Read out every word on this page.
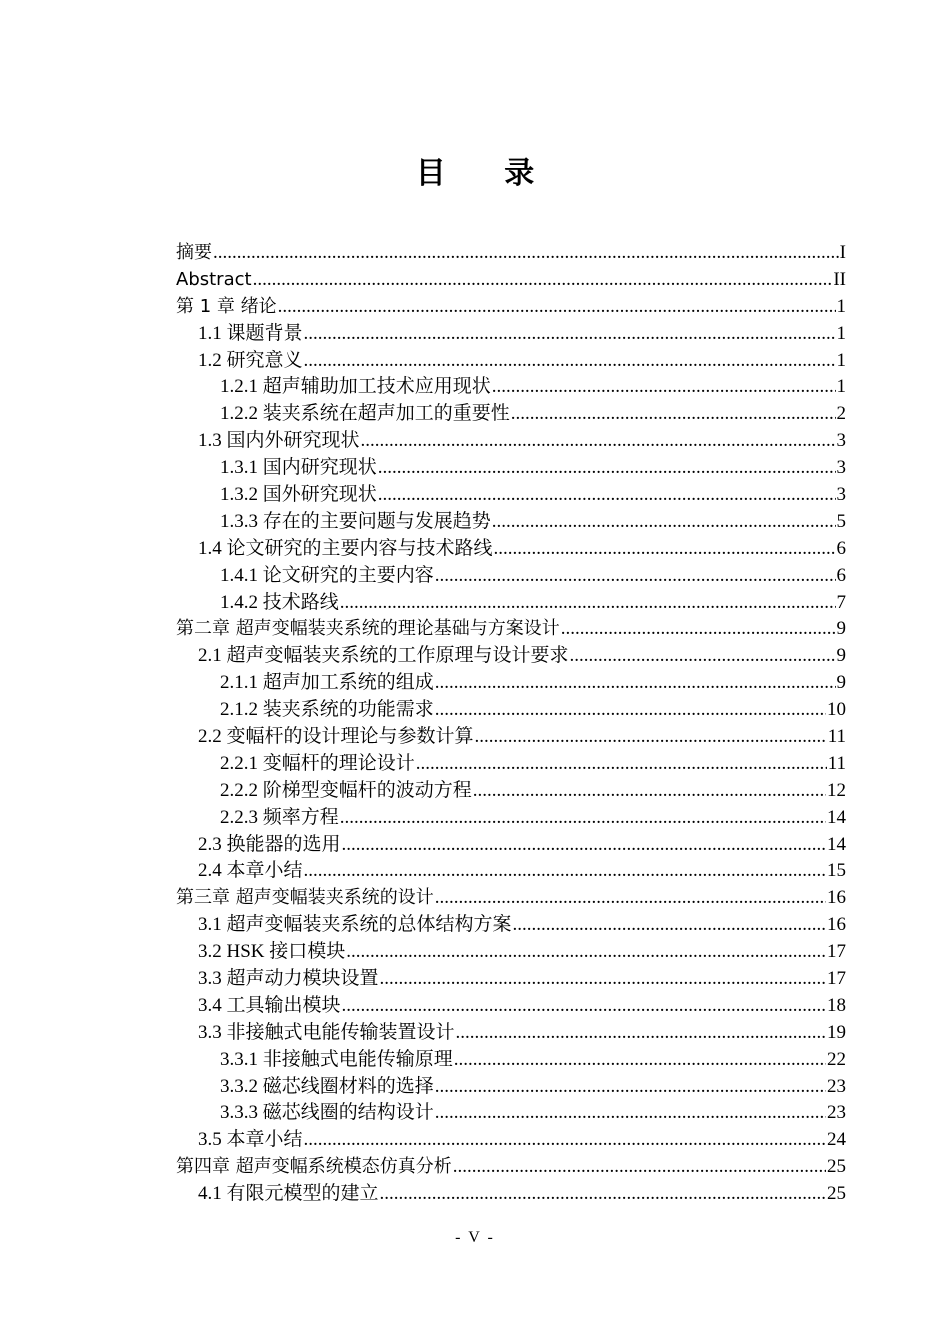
目 录
摘要 .....	I
Abstract .....	II
第 1 章 绪论 .....	1
1.1 课题背景 .....	1
1.2 研究意义 .....	1
1.2.1 超声辅助加工技术应用现状 .....	1
1.2.2 装夹系统在超声加工的重要性 .....	2
1.3 国内外研究现状 .....	3
1.3.1 国内研究现状 .....	3
1.3.2 国外研究现状 .....	3
1.3.3 存在的主要问题与发展趋势 .....	5
1.4 论文研究的主要内容与技术路线 .....	6
1.4.1 论文研究的主要内容 .....	6
1.4.2 技术路线 .....	7
第二章 超声变幅装夹系统的理论基础与方案设计 .....	9
2.1 超声变幅装夹系统的工作原理与设计要求 .....	9
2.1.1 超声加工系统的组成 .....	9
2.1.2 装夹系统的功能需求 .....	10
2.2 变幅杆的设计理论与参数计算 .....	11
2.2.1 变幅杆的理论设计 .....	11
2.2.2 阶梯型变幅杆的波动方程 .....	12
2.2.3 频率方程 .....	14
2.3 换能器的选用 .....	14
2.4 本章小结 .....	15
第三章 超声变幅装夹系统的设计 .....	16
3.1 超声变幅装夹系统的总体结构方案 .....	16
3.2 HSK 接口模块 .....	17
3.3 超声动力模块设置 .....	17
3.4 工具输出模块 .....	18
3.3 非接触式电能传输装置设计 .....	19
3.3.1 非接触式电能传输原理 .....	22
3.3.2 磁芯线圈材料的选择 .....	23
3.3.3 磁芯线圈的结构设计 .....	23
3.5 本章小结 .....	24
第四章 超声变幅系统模态仿真分析 .....	25
4.1 有限元模型的建立 .....	25
- V -
